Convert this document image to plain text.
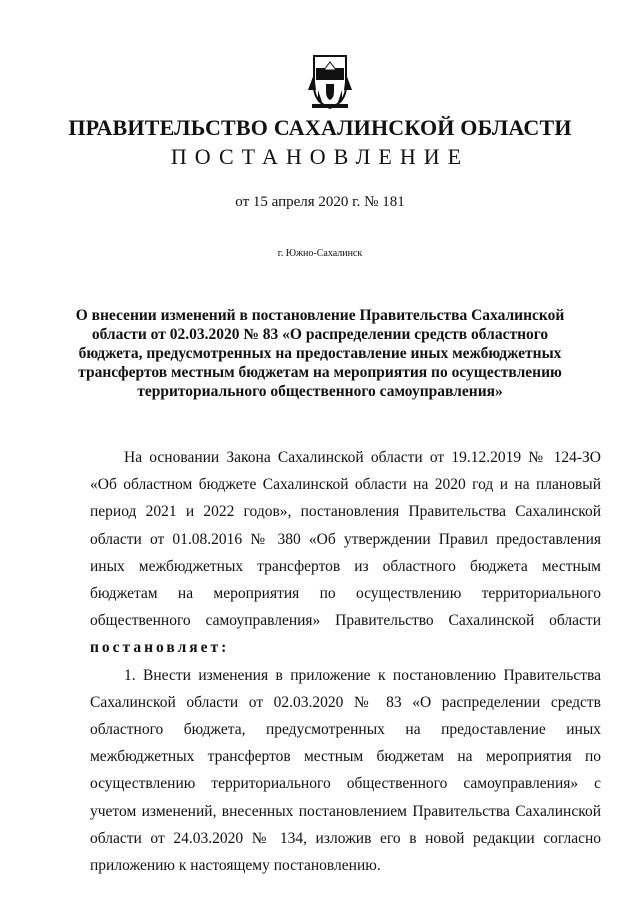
ПРАВИТЕЛЬСТВО САХАЛИНСКОЙ ОБЛАСТИ
ПОСТАНОВЛЕНИЕ
от 15 апреля 2020 г. № 181
г. Южно-Сахалинск
О внесении изменений в постановление Правительства Сахалинской области от 02.03.2020 № 83 «О распределении средств областного бюджета, предусмотренных на предоставление иных межбюджетных трансфертов местным бюджетам на мероприятия по осуществлению территориального общественного самоуправления»

На основании Закона Сахалинской области от 19.12.2019 № 124-ЗО «Об областном бюджете Сахалинской области на 2020 год и на плановый период 2021 и 2022 годов», постановления Правительства Сахалинской области от 01.08.2016 № 380 «Об утверждении Правил предоставления иных межбюджетных трансфертов из областного бюджета местным бюджетам на мероприятия по осуществлению территориального общественного самоуправления» Правительство Сахалинской области постановляет:

1. Внести изменения в приложение к постановлению Правительства Сахалинской области от 02.03.2020 № 83 «О распределении средств областного бюджета, предусмотренных на предоставление иных межбюджетных трансфертов местным бюджетам на мероприятия по осуществлению территориального общественного самоуправления» с учетом изменений, внесенных постановлением Правительства Сахалинской области от 24.03.2020 № 134, изложив его в новой редакции согласно приложению к настоящему постановлению.
